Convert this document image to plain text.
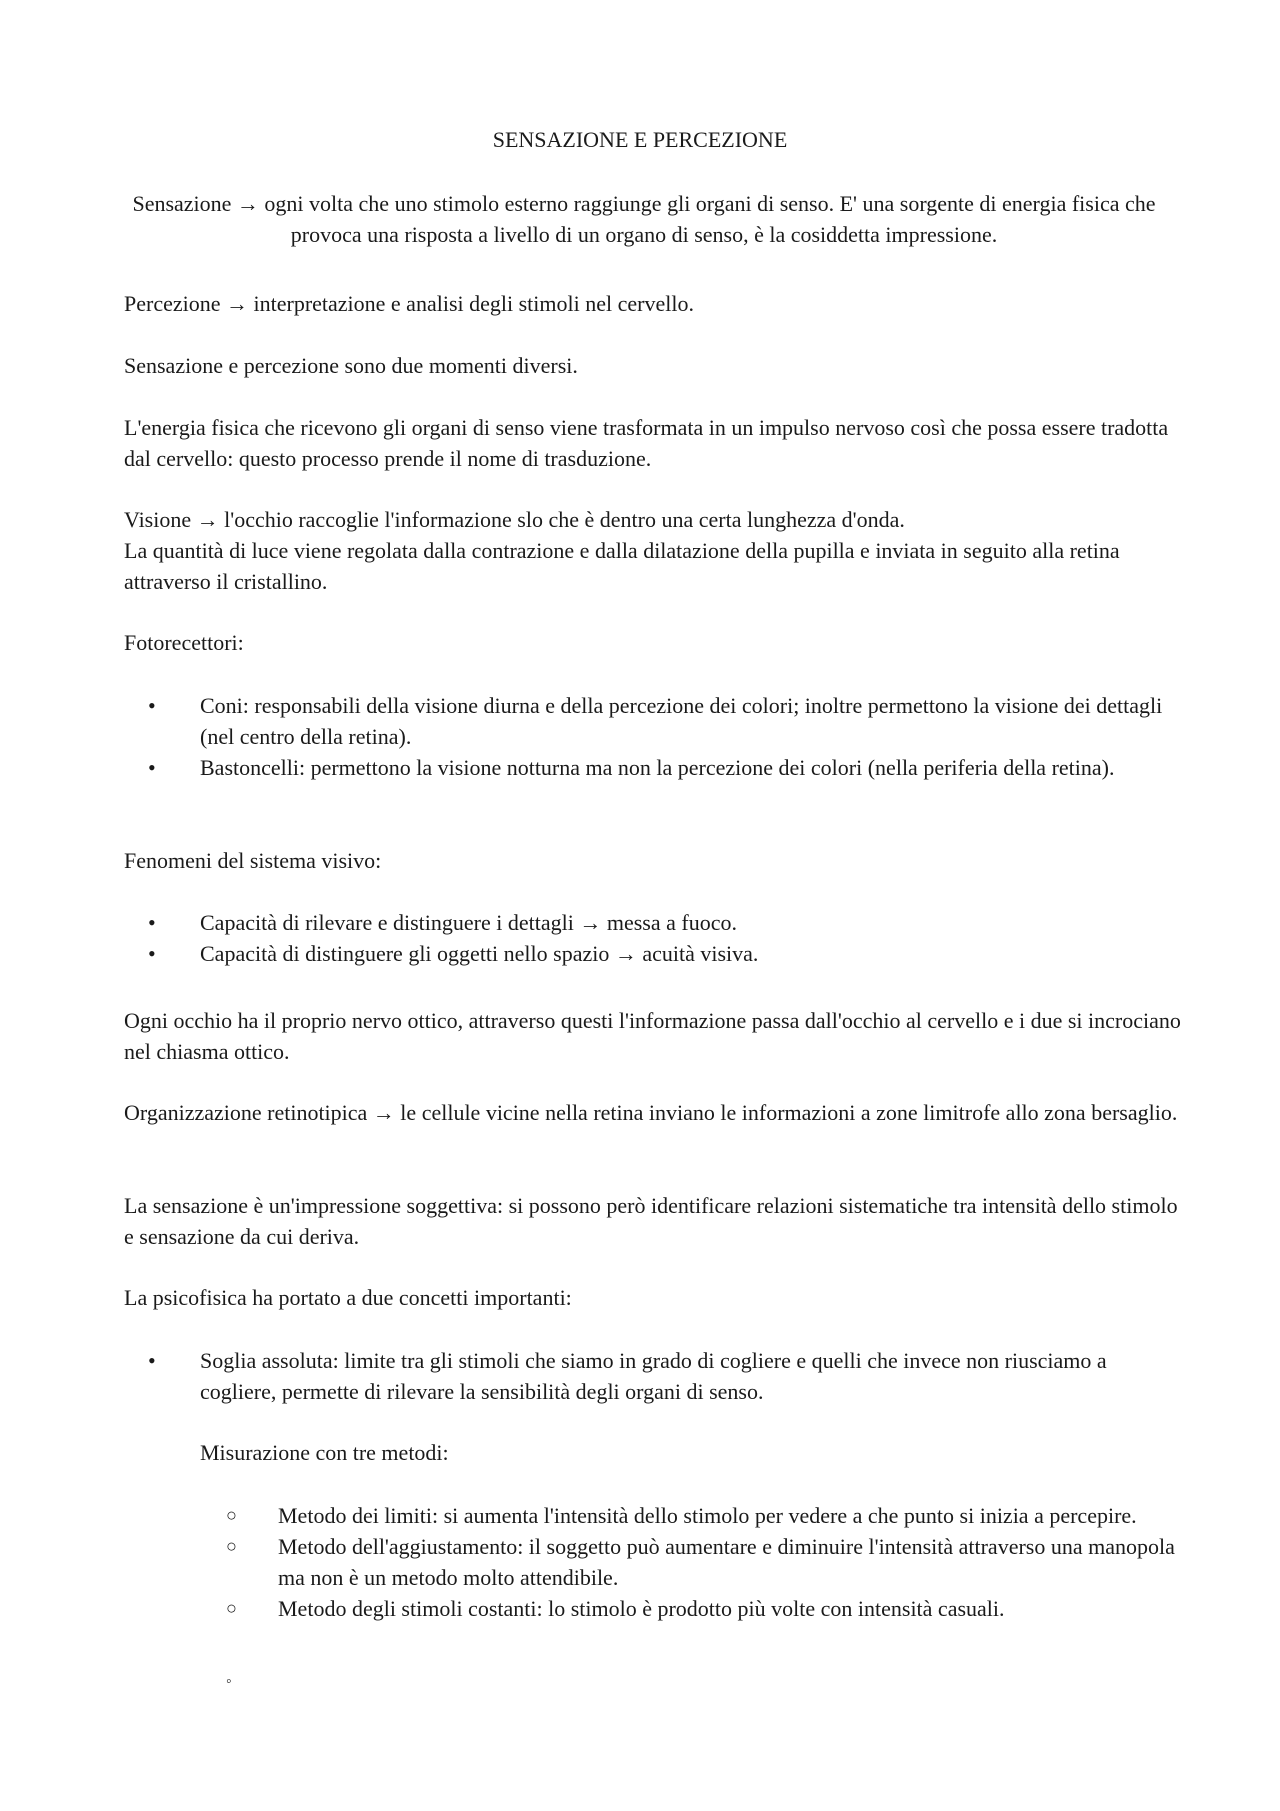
SENSAZIONE E PERCEZIONE

Sensazione → ogni volta che uno stimolo esterno raggiunge gli organi di senso. E' una sorgente di energia fisica che provoca una risposta a livello di un organo di senso, è la cosiddetta impressione.

Percezione → interpretazione e analisi degli stimoli nel cervello.

Sensazione e percezione sono due momenti diversi.

L'energia fisica che ricevono gli organi di senso viene trasformata in un impulso nervoso così che possa essere tradotta dal cervello: questo processo prende il nome di trasduzione.

Visione → l'occhio raccoglie l'informazione slo che è dentro una certa lunghezza d'onda.

La quantità di luce viene regolata dalla contrazione e dalla dilatazione della pupilla e inviata in seguito alla retina attraverso il cristallino.

Fotorecettori:

• Coni: responsabili della visione diurna e della percezione dei colori; inoltre permettono la visione dei dettagli (nel centro della retina).
• Bastoncelli: permettono la visione notturna ma non la percezione dei colori (nella periferia della retina).

Fenomeni del sistema visivo:

• Capacità di rilevare e distinguere i dettagli → messa a fuoco.
• Capacità di distinguere gli oggetti nello spazio → acuità visiva.

Ogni occhio ha il proprio nervo ottico, attraverso questi l'informazione passa dall'occhio al cervello e i due si incrociano nel chiasma ottico.

Organizzazione retinotipica → le cellule vicine nella retina inviano le informazioni a zone limitrofe allo zona bersaglio.

La sensazione è un'impressione soggettiva: si possono però identificare relazioni sistematiche tra intensità dello stimolo e sensazione da cui deriva.

La psicofisica ha portato a due concetti importanti:

• Soglia assoluta: limite tra gli stimoli che siamo in grado di cogliere e quelli che invece non riusciamo a cogliere, permette di rilevare la sensibilità degli organi di senso.

Misurazione con tre metodi:

○ Metodo dei limiti: si aumenta l'intensità dello stimolo per vedere a che punto si inizia a percepire.
○ Metodo dell'aggiustamento: il soggetto può aumentare e diminuire l'intensità attraverso una manopola ma non è un metodo molto attendibile.
○ Metodo degli stimoli costanti: lo stimolo è prodotto più volte con intensità casuali.
◦
